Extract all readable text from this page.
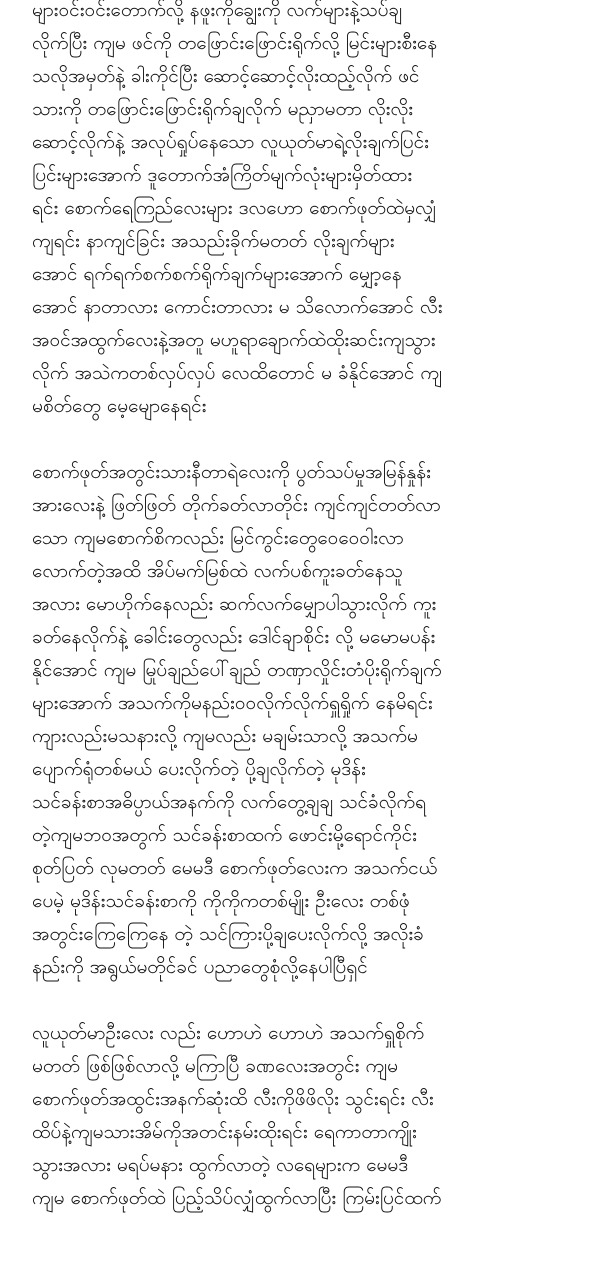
များဝင်းဝင်းတောက်လို့ နဖူးကိုချွေးကို လက်များနဲ့သပ်ချ
လိုက်ပြီး ကျမ ဖင်ကို တဖြောင်းဖြောင်းရိုက်လို့ မြင်းများစီးနေ
သလိုအမှတ်နဲ့ ခါးကိုင်ပြီး ဆောင့်ဆောင့်လိုးထည့်လိုက် ဖင်
သားကို တဖြောင်းဖြောင်းရိုက်ချလိုက် မညှာမတာ လိုးလိုး
ဆောင့်လိုက်နဲ့ အလုပ်ရှုပ်နေသော လူယုတ်မာရဲ့လိုးချက်ပြင်း
ပြင်းများအောက် ဒူတောက်အံကြိတ်မျက်လုံးများမှိတ်ထား
ရင်း စောက်ရေကြည်လေးများ ဒလဟော စောက်ဖုတ်ထဲမှလျှံ
ကျရင်း နာကျင်ခြင်း အသည်းခိုက်မတတ် လိုးချက်များ
အောင် ရက်ရက်စက်စက်ရိုက်ချက်များအောက် မျှော့နေ
အောင် နာတာလား ကောင်းတာလား မ သိလောက်အောင် လီး
အဝင်အထွက်လေးနဲ့အတူ မဟူရာချောက်ထဲထိုးဆင်းကျသွား
လိုက် အသဲကတစ်လှပ်လှပ် လေထိတောင် မ ခံနိုင်အောင် ကျ
မစိတ်တွေ မေ့မျောနေရင်း
စောက်ဖုတ်အတွင်းသားနီတာရဲလေးကို ပွတ်သပ်မှုအမြန်နှုန်း
အားလေးနဲ့ ဖြတ်ဖြတ် တိုက်ခတ်လာတိုင်း ကျင်ကျင်တတ်လာ
သော ကျမစောက်စိကလည်း မြင်ကွင်းတွေဝေဝေဝါးလာ
လောက်တဲ့အထိ အိပ်မက်မြစ်ထဲ လက်ပစ်ကူးခတ်နေသူ
အလား မောဟိုက်နေလည်း ဆက်လက်မျှောပါသွားလိုက် ကူး
ခတ်နေလိုက်နဲ့ ခေါင်းတွေလည်း ဒေါင်ချာစိုင်း လို့ မမောမပန်း
နိုင်အောင် ကျမ မြုပ်ချည်ပေါ်ချည် တဏှာလှိုင်းတံပိုးရိုက်ချက်
များအောက် အသက်ကိုမနည်း၀၀လိုက်လိုက်ရှူရှိုက် နေမိရင်း
ကျားလည်းမသနားလို့ ကျမလည်း မချမ်းသာလို့ အသက်မ
ပျောက်ရုံတစ်မယ် ပေးလိုက်တဲ့ ပို့ချလိုက်တဲ့ မုဒိန်း
သင်ခန်းစာအဓိပ္ပာယ်အနက်ကို လက်တွေ့ချချ သင်ခံလိုက်ရ
တဲ့ကျမဘ၀အတွက် သင်ခန်းစာထက် ဖောင်းမို့ရောင်ကိုင်း
စုတ်ပြတ် လုမတတ် မေမဒီ စောက်ဖုတ်လေးက အသက်ငယ်
ပေမဲ့ မုဒိန်းသင်ခန်းစာကို ကိုကိုကတစ်မျိုး ဦးလေး တစ်ဖုံ
အတွင်းကြေကြေနေ တဲ့ သင်ကြားပို့ချပေးလိုက်လို့ အလိုးခံ
နည်းကို အရွယ်မတိုင်ခင် ပညာတွေစုံလို့နေပါပြီရှင်
လူယုတ်မာဦးလေး လည်း ဟောဟဲ ဟောဟဲ အသက်ရှူစိုက်
မတတ် ဖြစ်ဖြစ်လာလို့ မကြာပြီ ခဏလေးအတွင်း ကျမ
စောက်ဖုတ်အထွင်းအနက်ဆုံးထိ လီးကိုဖိဖိလိုး သွင်းရင်း လီး
ထိပ်နဲ့ကျမသားအိမ်ကိုအတင်းနမ်းထိုးရင်း ရေကာတာကျိုး
သွားအလား မရပ်မနား ထွက်လာတဲ့ လရေများက မေမဒီ
ကျမ စောက်ဖုတ်ထဲ ပြည့်သိပ်လျှံထွက်လာပြီး ကြမ်းပြင်ထက်
